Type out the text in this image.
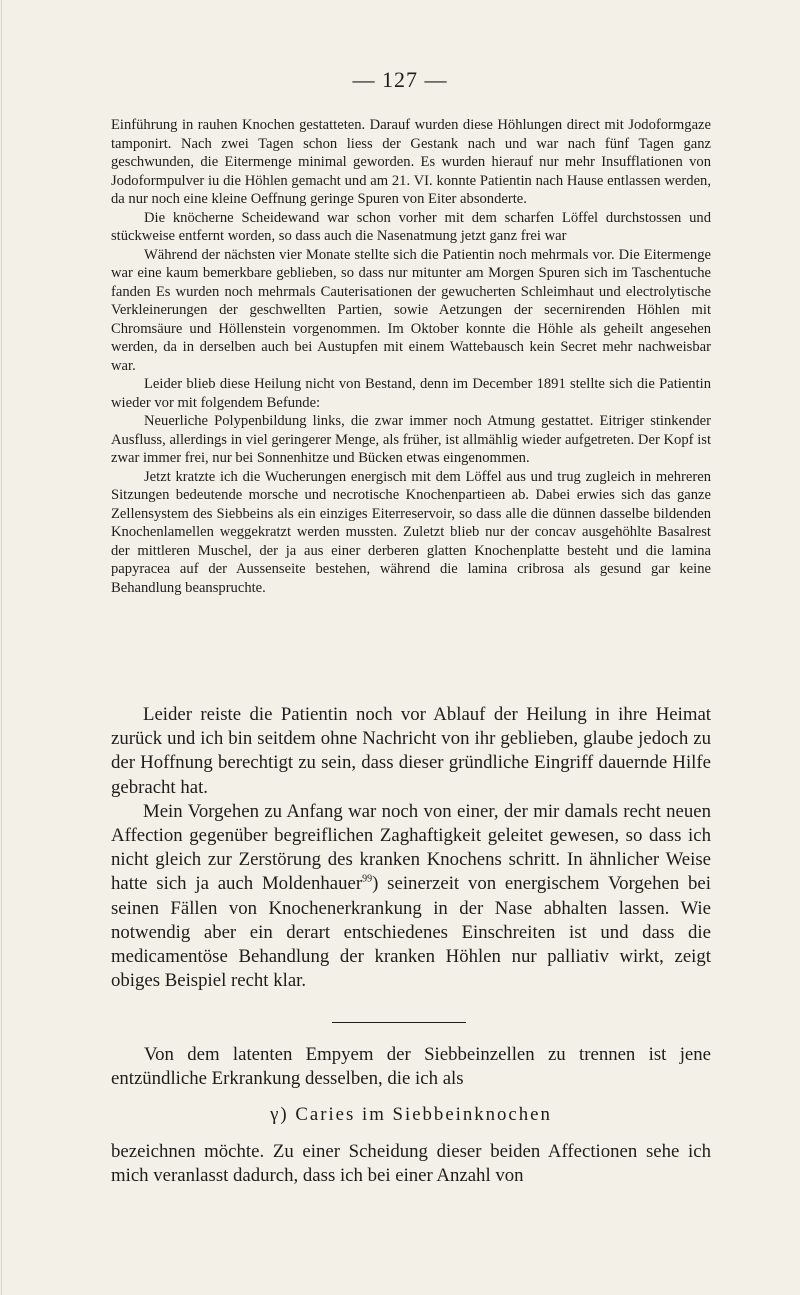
— 127 —

Einführung in rauhen Knochen gestatteten. Darauf wurden diese Höhlungen direct mit Jodoformgaze tamponirt. Nach zwei Tagen schon liess der Gestank nach und war nach fünf Tagen ganz geschwunden, die Eitermenge minimal geworden. Es wurden hierauf nur mehr Insufflationen von Jodoformpulver iu die Höhlen gemacht und am 21. VI. konnte Patientin nach Hause entlassen werden, da nur noch eine kleine Oeffnung geringe Spuren von Eiter absonderte.

Die knöcherne Scheidewand war schon vorher mit dem scharfen Löffel durchstossen und stückweise entfernt worden, so dass auch die Nasenatmung jetzt ganz frei war

Während der nächsten vier Monate stellte sich die Patientin noch mehrmals vor. Die Eitermenge war eine kaum bemerkbare geblieben, so dass nur mitunter am Morgen Spuren sich im Taschentuche fanden Es wurden noch mehrmals Cauterisationen der gewucherten Schleimhaut und electrolytische Verkleinerungen der geschwellten Partien, sowie Aetzungen der secernirenden Höhlen mit Chromsäure und Höllenstein vorgenommen. Im Oktober konnte die Höhle als geheilt angesehen werden, da in derselben auch bei Austupfen mit einem Wattebausch kein Secret mehr nachweisbar war.

Leider blieb diese Heilung nicht von Bestand, denn im December 1891 stellte sich die Patientin wieder vor mit folgendem Befunde:

Neuerliche Polypenbildung links, die zwar immer noch Atmung gestattet. Eitriger stinkender Ausfluss, allerdings in viel geringerer Menge, als früher, ist allmählig wieder aufgetreten. Der Kopf ist zwar immer frei, nur bei Sonnenhitze und Bücken etwas eingenommen.

Jetzt kratzte ich die Wucherungen energisch mit dem Löffel aus und trug zugleich in mehreren Sitzungen bedeutende morsche und necrotische Knochenpartieen ab. Dabei erwies sich das ganze Zellensystem des Siebbeins als ein einziges Eiterreservoir, so dass alle die dünnen dasselbe bildenden Knochenlamellen weggekratzt werden mussten. Zuletzt blieb nur der concav ausgehöhlte Basalrest der mittleren Muschel, der ja aus einer derberen glatten Knochenplatte besteht und die lamina papyracea auf der Aussenseite bestehen, während die lamina cribrosa als gesund gar keine Behandlung beanspruchte.

Leider reiste die Patientin noch vor Ablauf der Heilung in ihre Heimat zurück und ich bin seitdem ohne Nachricht von ihr geblieben, glaube jedoch zu der Hoffnung berechtigt zu sein, dass dieser gründliche Eingriff dauernde Hilfe gebracht hat.

Mein Vorgehen zu Anfang war noch von einer, der mir damals recht neuen Affection gegenüber begreiflichen Zaghaftigkeit geleitet gewesen, so dass ich nicht gleich zur Zerstörung des kranken Knochens schritt. In ähnlicher Weise hatte sich ja auch Moldenhauer$^{99}$) seinerzeit von energischem Vorgehen bei seinen Fällen von Knochenerkrankung in der Nase abhalten lassen. Wie notwendig aber ein derart entschiedenes Einschreiten ist und dass die medicamentöse Behandlung der kranken Höhlen nur palliativ wirkt, zeigt obiges Beispiel recht klar.

Von dem latenten Empyem der Siebbeinzellen zu trennen ist jene entzündliche Erkrankung desselben, die ich als

γ) Caries im Siebbeinknochen

bezeichnen möchte. Zu einer Scheidung dieser beiden Affectionen sehe ich mich veranlasst dadurch, dass ich bei einer Anzahl von
